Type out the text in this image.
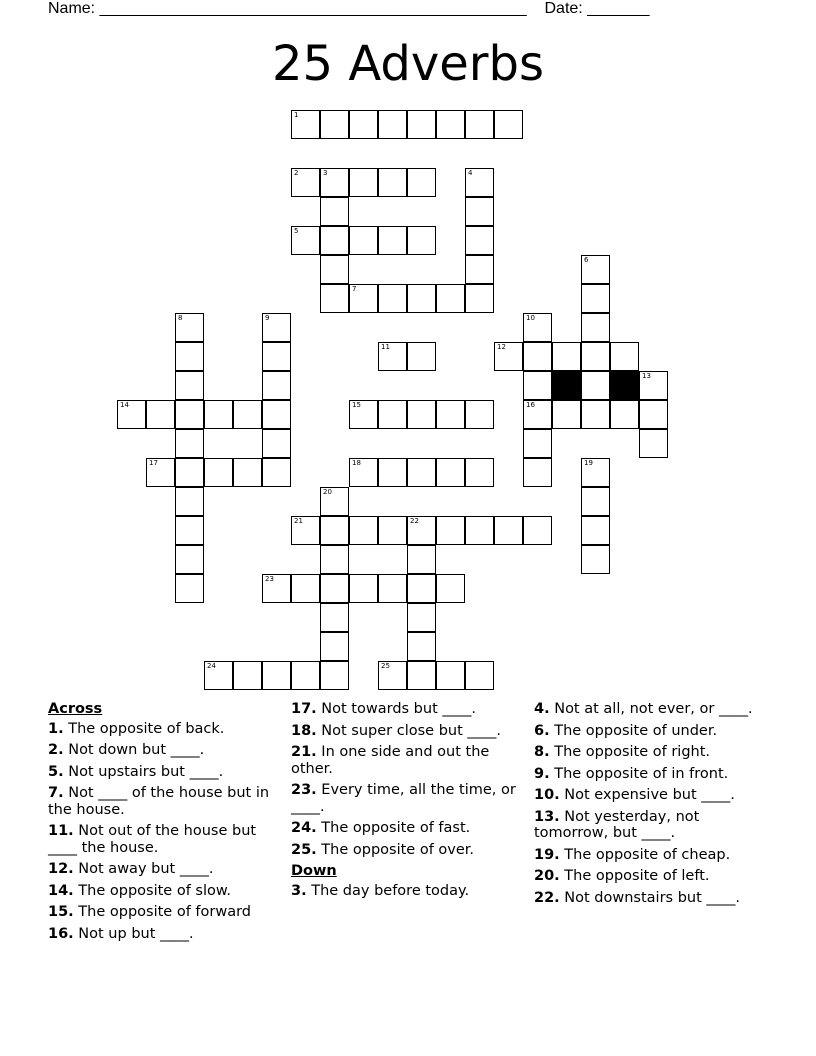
Name: ________________________________________________ Date: _______
25 Adverbs
1
2	3	4
5
6
7
8	9	10
16
11	12
13
14	15
17	18	19
20
21	22
23
24	25
Across
1. The opposite of back.
2. Not down but ____.
5. Not upstairs but ____.
7. Not ____ of the house but in the house.
11. Not out of the house but ____ the house.
12. Not away but ____.
14. The opposite of slow.
15. The opposite of forward
16. Not up but ____.
17. Not towards but ____.
18. Not super close but ____.
21. In one side and out the other.
23. Every time, all the time, or ____.
24. The opposite of fast.
25. The opposite of over.
Down
3. The day before today.
4. Not at all, not ever, or ____.
6. The opposite of under.
8. The opposite of right.
9. The opposite of in front.
10. Not expensive but ____.
13. Not yesterday, not tomorrow, but ____.
19. The opposite of cheap.
20. The opposite of left.
22. Not downstairs but ____.
